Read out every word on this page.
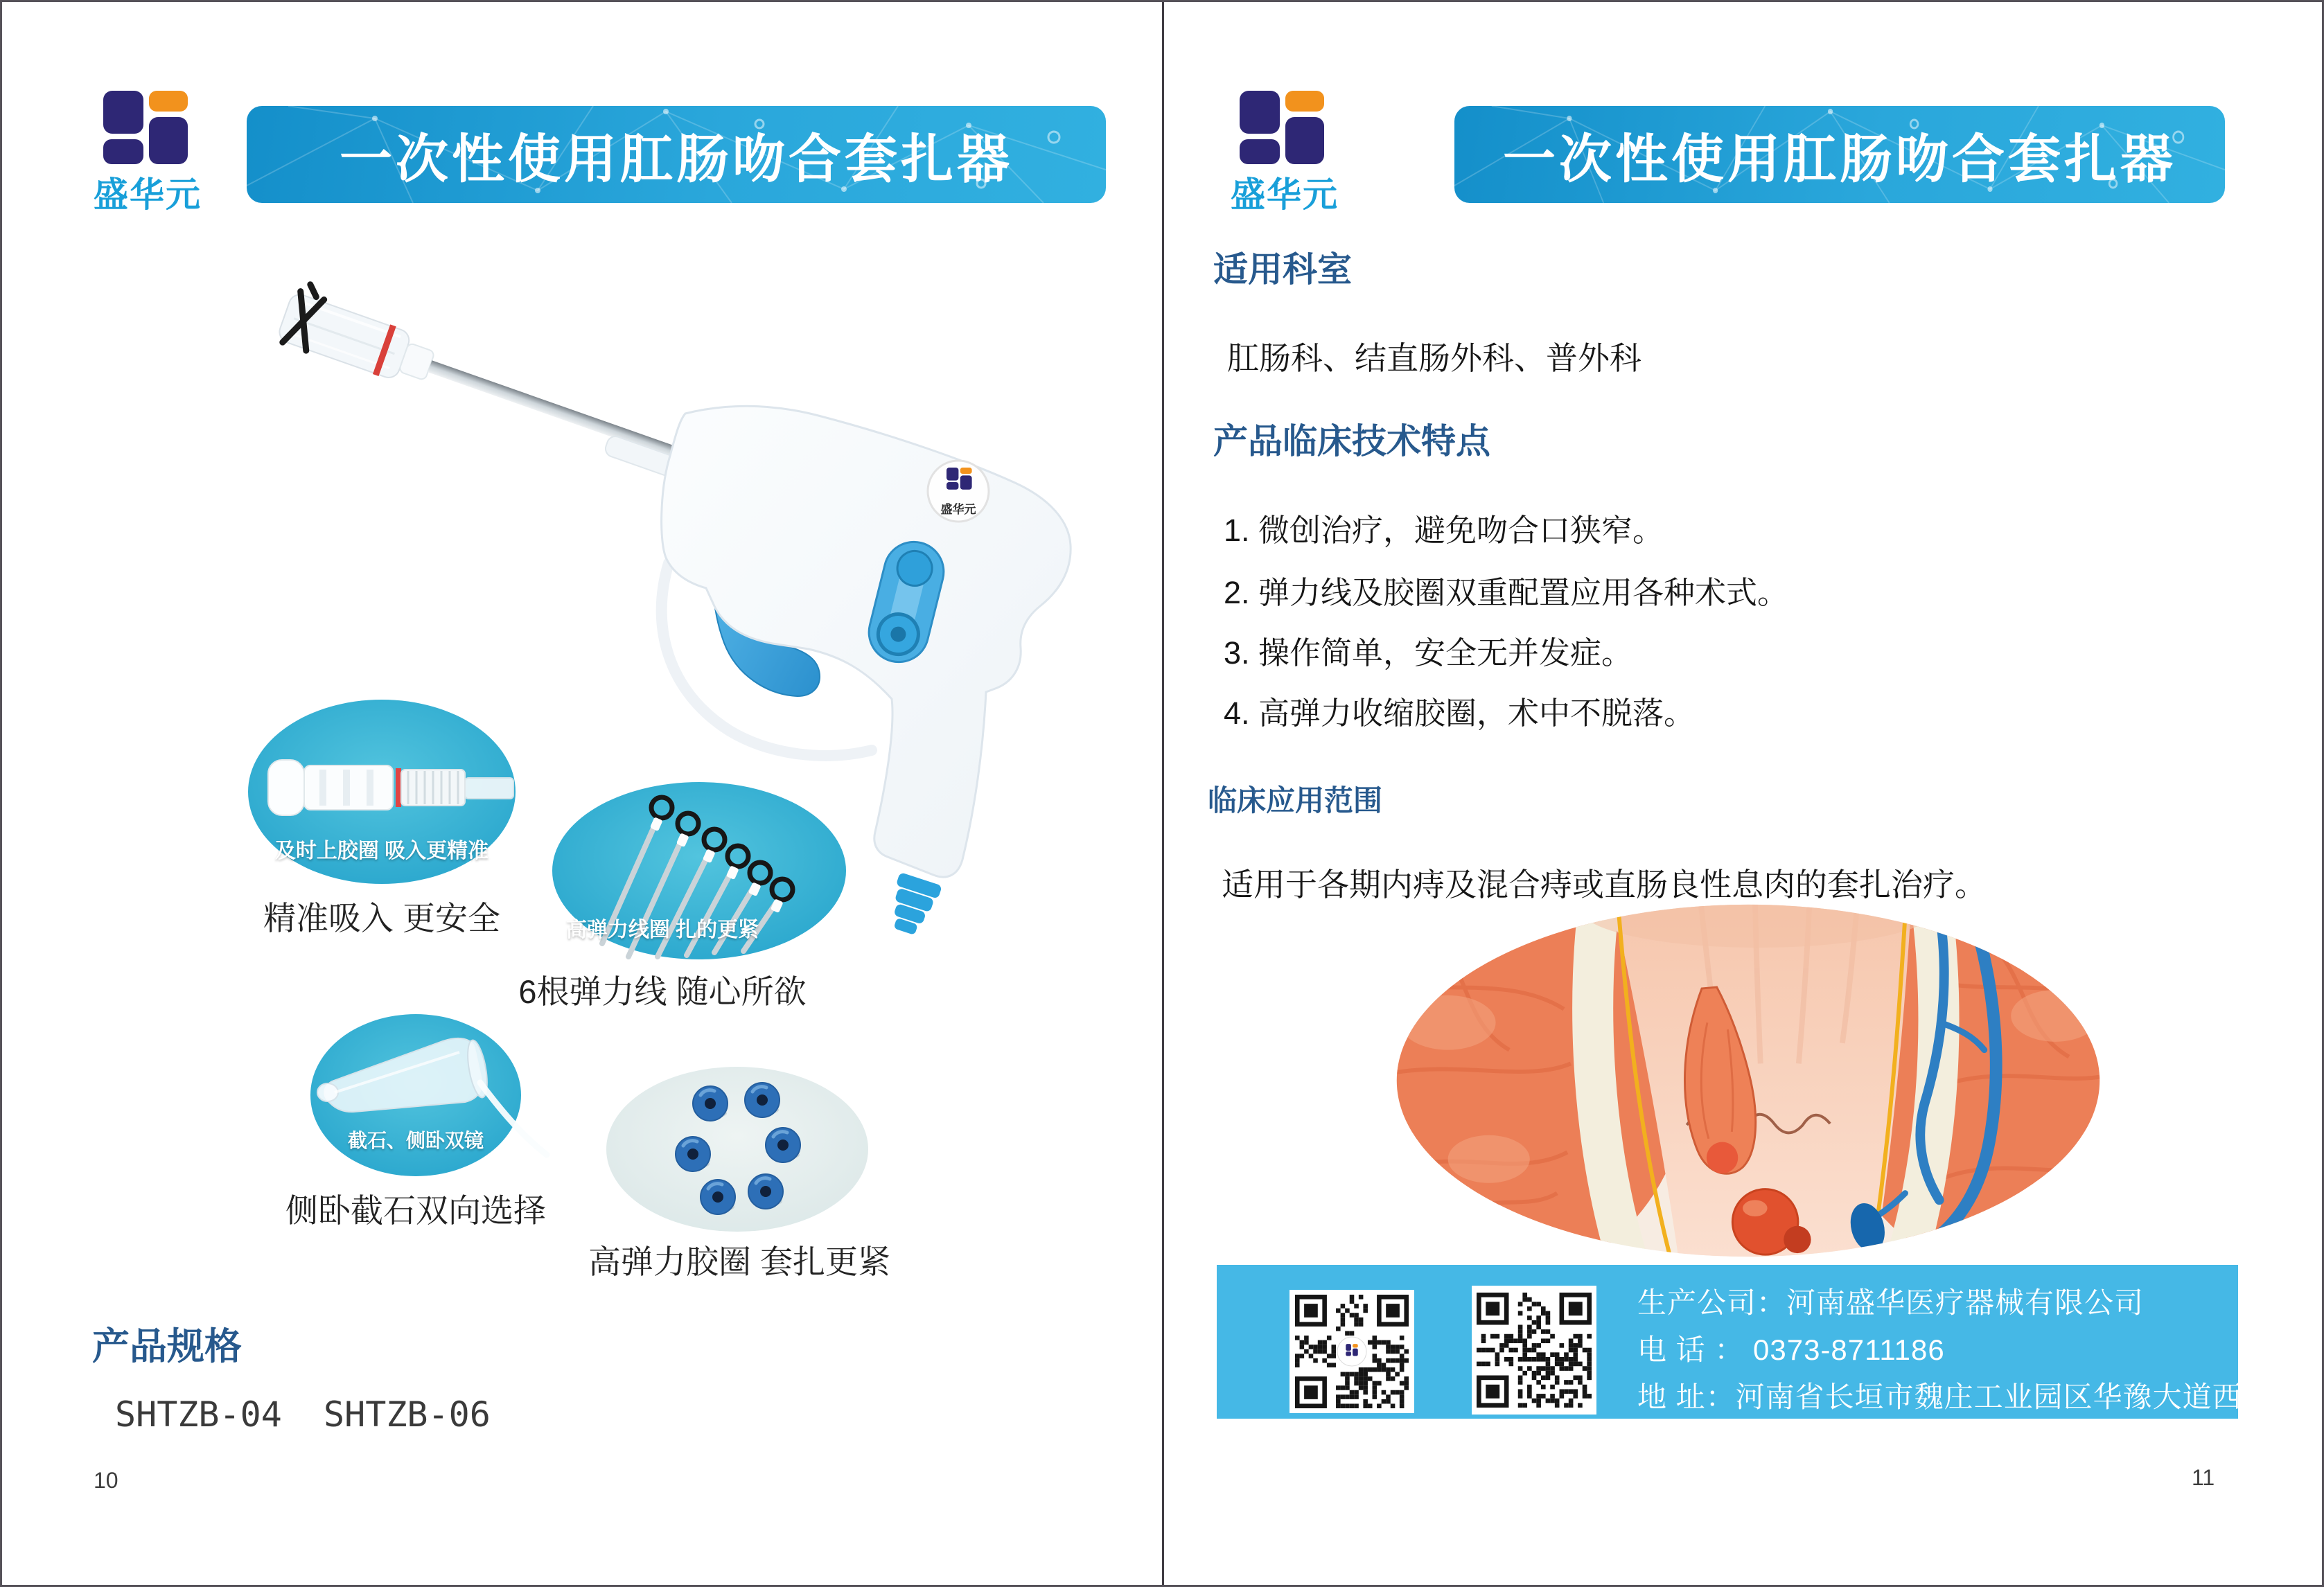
盛华元
一次性使用肛肠吻合套扎器
盛华元
及时上胶圈 吸入更精准
精准吸入 更安全	高弹力线圈 扎的更紧
6根弹力线 随心所欲
截石、侧卧双镜
侧卧截石双向选择
高弹力胶圈 套扎更紧
产品规格
SHTZB-04  SHTZB-06
10
盛华元
一次性使用肛肠吻合套扎器
适用科室
肛肠科、结直肠外科、普外科
产品临床技术特点
1. 微创治疗，避免吻合口狭窄。
2. 弹力线及胶圈双重配置应用各种术式。
3. 操作简单，安全无并发症。
4. 高弹力收缩胶圈，术中不脱落。
临床应用范围
适用于各期内痔及混合痔或直肠良性息肉的套扎治疗。
生产公司：河南盛华医疗器械有限公司
电 话 ： 0373-8711186
地 址：河南省长垣市魏庄工业园区华豫大道西侧
11
